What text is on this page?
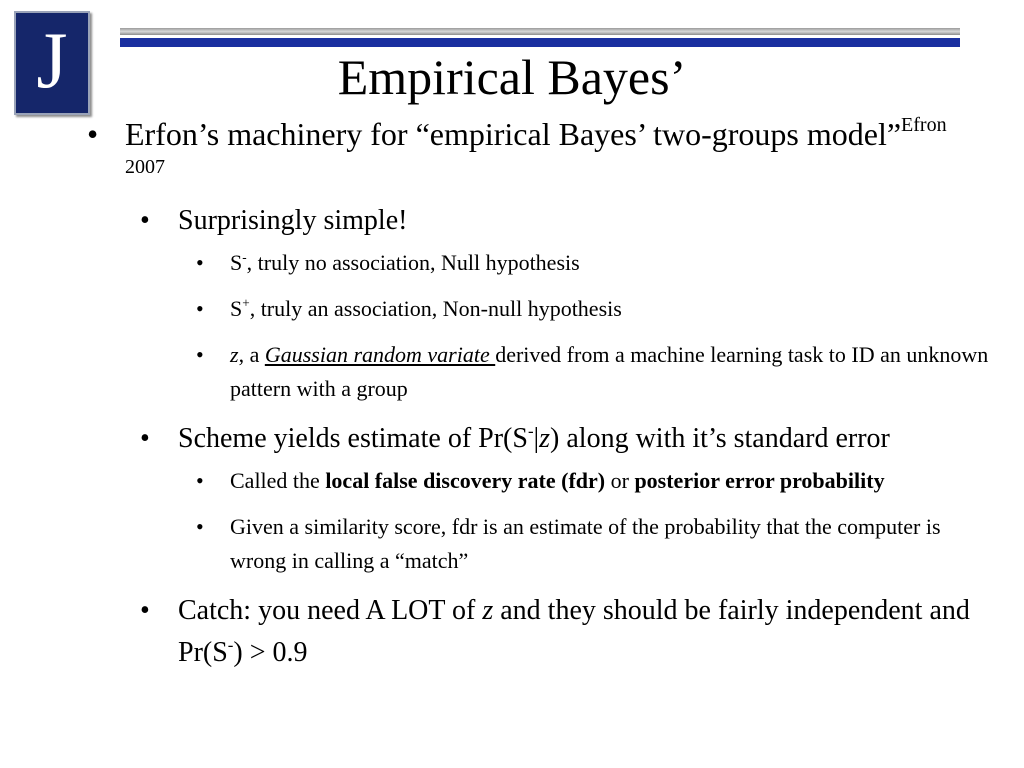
J	Empirical Bayes’

• Erfon’s machinery for “empirical Bayes’ two-groups model”$^{Efron 2007}$

• Surprisingly simple!

• S-, truly no association, Null hypothesis

• S+, truly an association, Non-null hypothesis

• z, a Gaussian random variate derived from a machine learning task to ID an unknown pattern with a group

• Scheme yields estimate of Pr(S-|z) along with it’s standard error

• Called the local false discovery rate (fdr) or posterior error probability

• Given a similarity score, fdr is an estimate of the probability that the computer is wrong in calling a “match”

• Catch: you need A LOT of z and they should be fairly independent and Pr(S-) > 0.9
